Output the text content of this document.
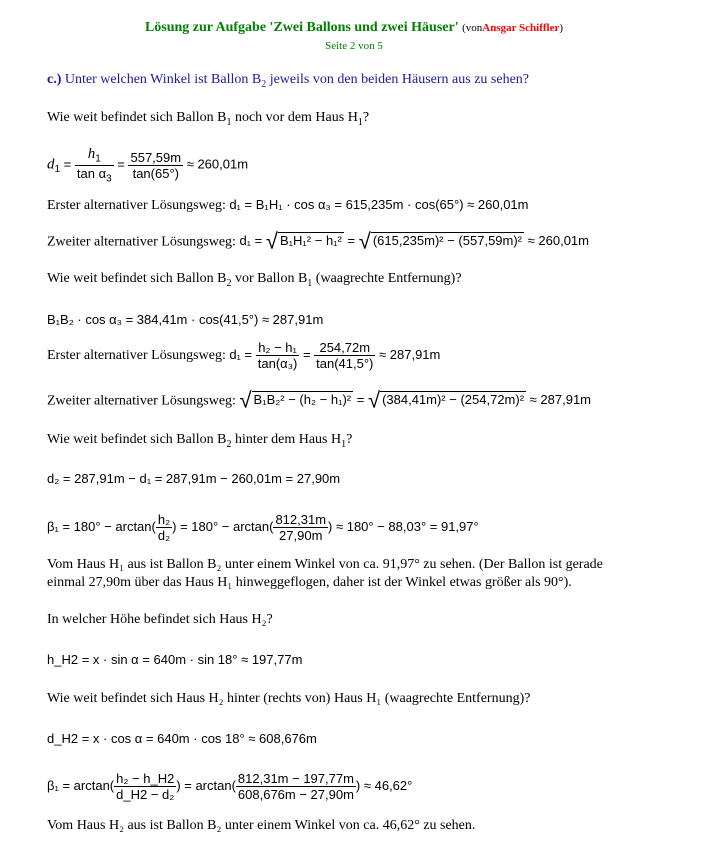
Lösung zur Aufgabe 'Zwei Ballons und zwei Häuser' (vonAnsgar Schiffler)
Seite 2 von 5
c.) Unter welchen Winkel ist Ballon $B_2$ jeweils von den beiden Häusern aus zu sehen?
Wie weit befindet sich Ballon $B_1$ noch vor dem Haus $H_1$?
$d_1 = \frac{h_1}{\tan \alpha_3} = \frac{557,59m}{\tan(65^\circ)} \approx 260,01m$
Erster alternativer Lösungsweg: d₁ = B₁H₁ · cos α₃ = 615,235m · cos(65°) ≈ 260,01m
Zweiter alternativer Lösungsweg: d₁ = √ B₁H₁² − h₁² = √ (615,235m)² − (557,59m)² ≈ 260,01m
Wie weit befindet sich Ballon $B_2$ vor Ballon $B_1$ (waagrechte Entfernung)?
B₁B₂ · cos α₃ = 384,41m · cos(41,5°) ≈ 287,91m
Erster alternativer Lösungsweg: $d_1 = \frac{\text{h₂ − h₁}}{\text{tan(α₃)}} = \frac{254,72m}{\tan(41,5^\circ)} \approx 287,91m$
Zweiter alternativer Lösungsweg: √ B₁B₂² − (h₂ − h₁)² = √ (384,41m)² − (254,72m)² ≈ 287,91m
Wie weit befindet sich Ballon $B_2$ hinter dem Haus $H_1$?
d₂ = 287,91m − d₁ = 287,91m − 260,01m = 27,90m
$\beta_1 = 180^\circ - \arctan( \frac{\text{h₂}}{\text{d₂}}$ ) = $180^\circ - \arctan( \frac{812,31m}{27,90m}$ ) ≈ 180° − 88,03° = 91,97°
Vom Haus H₁ aus ist Ballon B₂ unter einem Winkel von ca. 91,97° zu sehen. (Der Ballon ist gerade
einmal 27,90m über das Haus H₁ hinweggeflogen, daher ist der Winkel etwas größer als 90°).
In welcher Höhe befindet sich Haus H₂?
h_H2 = x · sin α = 640m · sin 18° ≈ 197,77m
Wie weit befindet sich Haus H₂ hinter (rechts von) Haus H₁ (waagrechte Entfernung)?
d_H2 = x · cos α = 640m · cos 18° ≈ 608,676m
$\beta_1 = \arctan( \frac{\text{h₂ − h\_H2}}{\text{d\_H2 − d₂}}$ ) = $\arctan( \frac{812,31m - 197,77m}{608,676m - 27,90m}$ ) ≈ 46,62°
Vom Haus H₂ aus ist Ballon B₂ unter einem Winkel von ca. 46,62° zu sehen.
